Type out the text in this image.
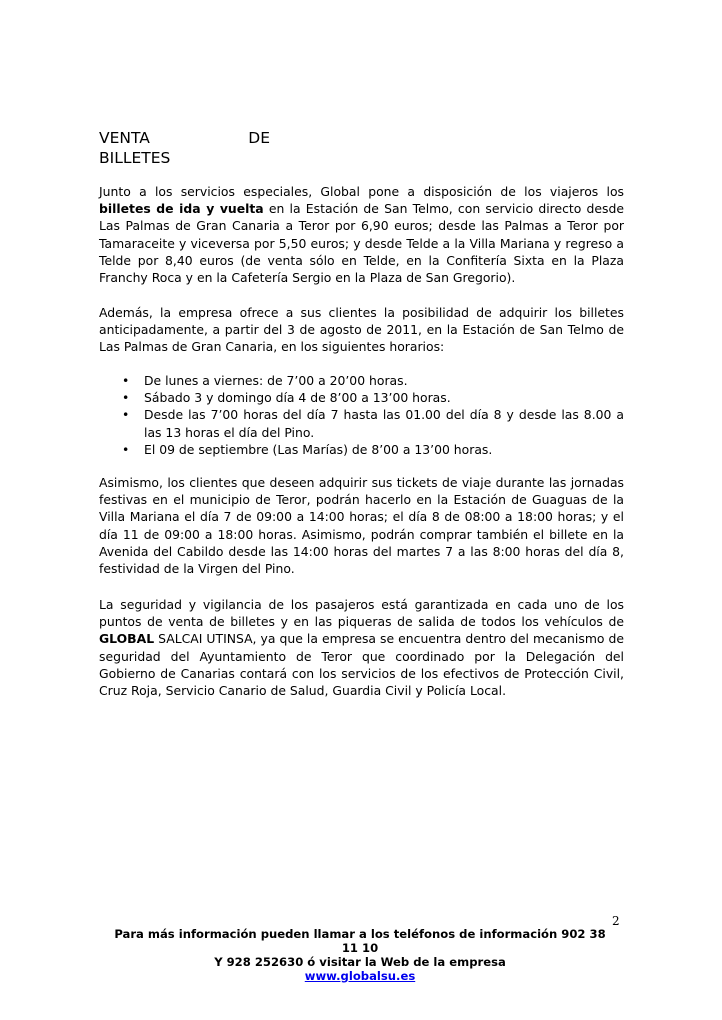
VENTA	DE
BILLETES
Junto a los servicios especiales, Global pone a disposición de los viajeros los billetes de ida y vuelta en la Estación de San Telmo, con servicio directo desde Las Palmas de Gran Canaria a Teror por 6,90 euros; desde las Palmas a Teror por Tamaraceite y viceversa por 5,50 euros; y desde Telde a la Villa Mariana y regreso a Telde por 8,40 euros (de venta sólo en Telde, en la Confitería Sixta en la Plaza Franchy Roca y en la Cafetería Sergio en la Plaza de San Gregorio).
Además, la empresa ofrece a sus clientes la posibilidad de adquirir los billetes anticipadamente, a partir del 3 de agosto de 2011, en la Estación de San Telmo de Las Palmas de Gran Canaria, en los siguientes horarios:
• De lunes a viernes: de 7’00 a 20’00 horas.
• Sábado 3 y domingo día 4 de 8’00 a 13’00 horas.
• Desde las 7’00 horas del día 7 hasta las 01.00 del día 8 y desde las 8.00 a las 13 horas el día del Pino.
• El 09 de septiembre (Las Marías) de 8’00 a 13’00 horas.
Asimismo, los clientes que deseen adquirir sus tickets de viaje durante las jornadas festivas en el municipio de Teror, podrán hacerlo en la Estación de Guaguas de la Villa Mariana el día 7 de 09:00 a 14:00 horas; el día 8 de 08:00 a 18:00 horas; y el día 11 de 09:00 a 18:00 horas. Asimismo, podrán comprar también el billete en la Avenida del Cabildo desde las 14:00 horas del martes 7 a las 8:00 horas del día 8, festividad de la Virgen del Pino.
La seguridad y vigilancia de los pasajeros está garantizada en cada uno de los puntos de venta de billetes y en las piqueras de salida de todos los vehículos de GLOBAL SALCAI UTINSA, ya que la empresa se encuentra dentro del mecanismo de seguridad del Ayuntamiento de Teror que coordinado por la Delegación del Gobierno de Canarias contará con los servicios de los efectivos de Protección Civil, Cruz Roja, Servicio Canario de Salud, Guardia Civil y Policía Local.
2
Para más información pueden llamar a los teléfonos de información 902 38 11 10
Y 928 252630 ó visitar la Web de la empresa
www.globalsu.es
